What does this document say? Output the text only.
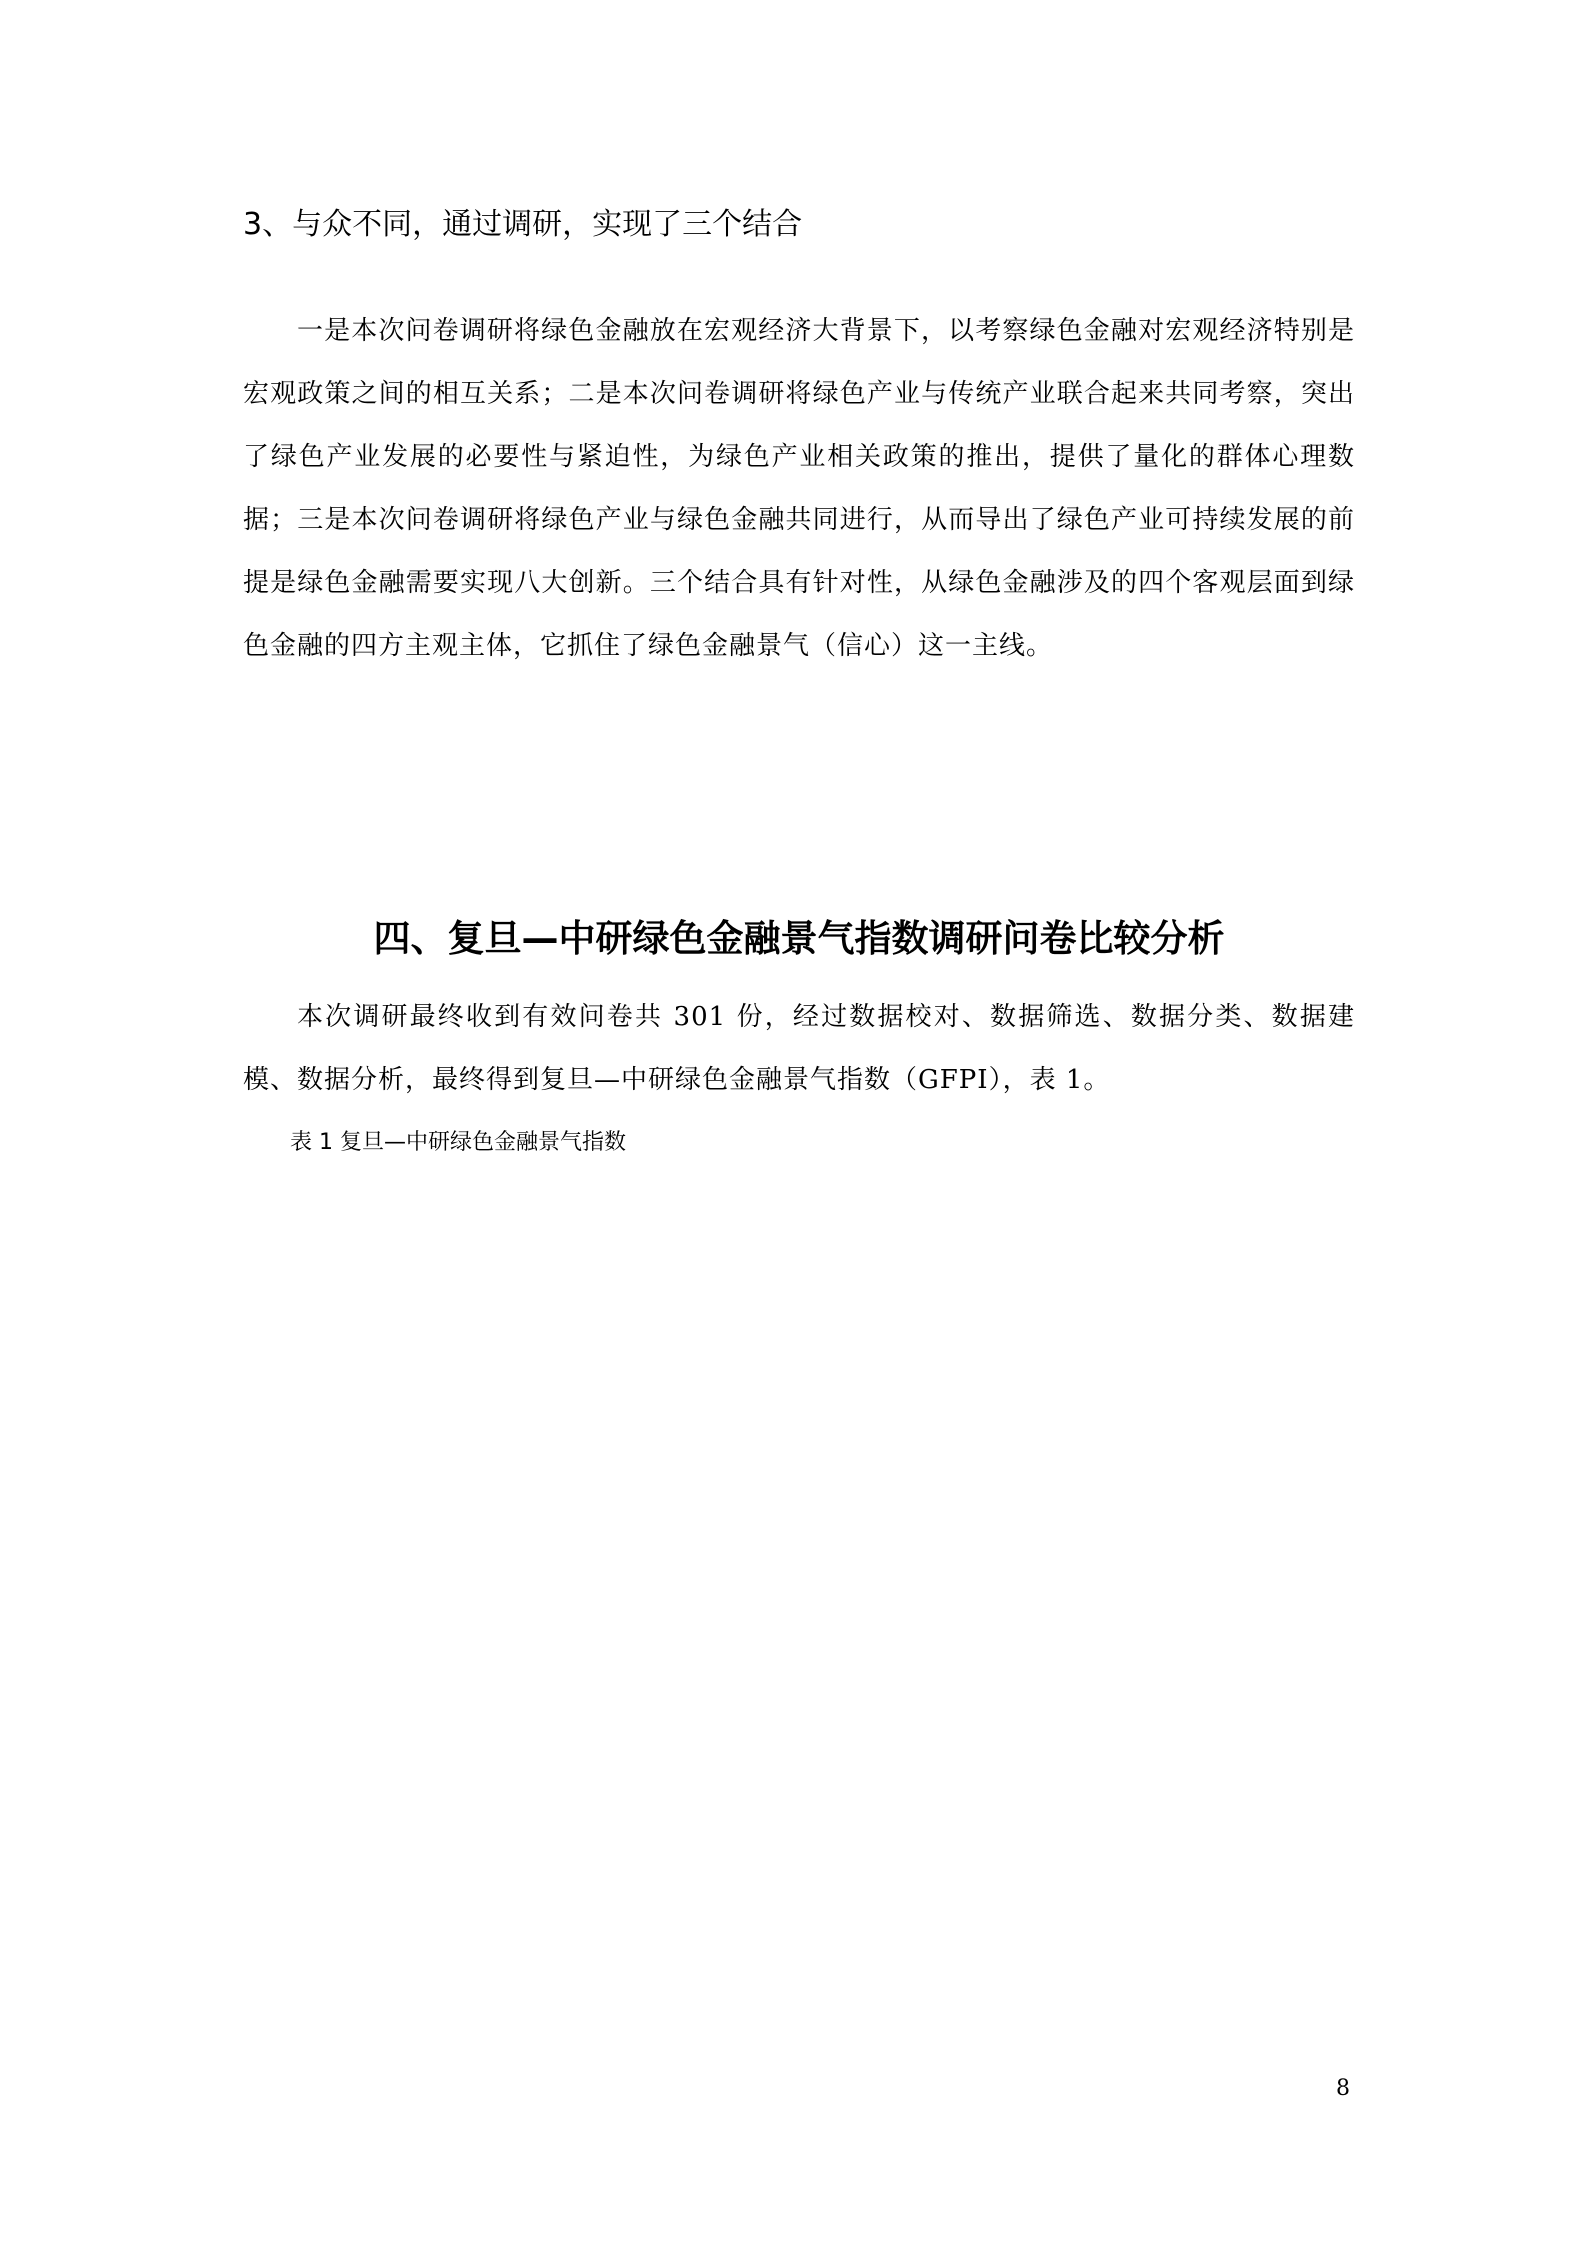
3、与众不同，通过调研，实现了三个结合

一是本次问卷调研将绿色金融放在宏观经济大背景下，以考察绿色金融对宏观经济特别是宏观政策之间的相互关系；二是本次问卷调研将绿色产业与传统产业联合起来共同考察，突出了绿色产业发展的必要性与紧迫性，为绿色产业相关政策的推出，提供了量化的群体心理数据；三是本次问卷调研将绿色产业与绿色金融共同进行，从而导出了绿色产业可持续发展的前提是绿色金融需要实现八大创新。三个结合具有针对性，从绿色金融涉及的四个客观层面到绿色金融的四方主观主体，它抓住了绿色金融景气（信心）这一主线。

四、复旦—中研绿色金融景气指数调研问卷比较分析

本次调研最终收到有效问卷共 301 份，经过数据校对、数据筛选、数据分类、数据建模、数据分析，最终得到复旦—中研绿色金融景气指数（GFPI），表 1。

表 1 复旦—中研绿色金融景气指数
8
